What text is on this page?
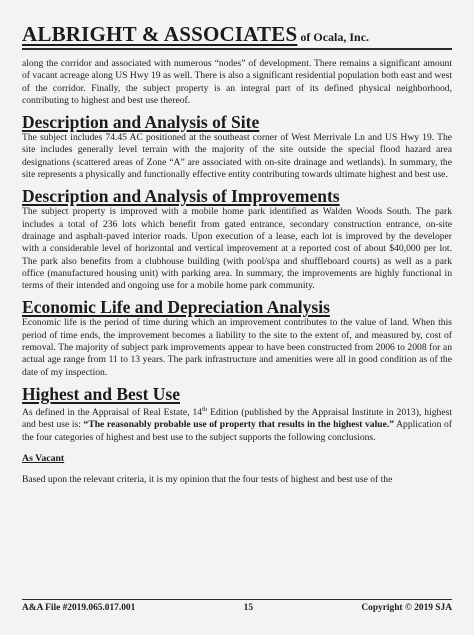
ALBRIGHT & ASSOCIATES of Ocala, Inc.

along the corridor and associated with numerous “nodes” of development. There remains a significant amount of vacant acreage along US Hwy 19 as well. There is also a significant residential population both east and west of the corridor. Finally, the subject property is an integral part of its defined physical neighborhood, contributing to highest and best use thereof.

Description and Analysis of Site

The subject includes 74.45 AC positioned at the southeast corner of West Merrivale Ln and US Hwy 19. The site includes generally level terrain with the majority of the site outside the special flood hazard area designations (scattered areas of Zone “A” are associated with on-site drainage and wetlands). In summary, the site represents a physically and functionally effective entity contributing towards ultimate highest and best use.

Description and Analysis of Improvements

The subject property is improved with a mobile home park identified as Walden Woods South. The park includes a total of 236 lots which benefit from gated entrance, secondary construction entrance, on-site drainage and asphalt-paved interior roads. Upon execution of a lease, each lot is improved by the developer with a considerable level of horizontal and vertical improvement at a reported cost of about $40,000 per lot. The park also benefits from a clubhouse building (with pool/spa and shuffleboard courts) as well as a park office (manufactured housing unit) with parking area. In summary, the improvements are highly functional in terms of their intended and ongoing use for a mobile home park community.

Economic Life and Depreciation Analysis

Economic life is the period of time during which an improvement contributes to the value of land. When this period of time ends, the improvement becomes a liability to the site to the extent of, and measured by, cost of removal. The majority of subject park improvements appear to have been constructed from 2006 to 2008 for an actual age range from 11 to 13 years. The park infrastructure and amenities were all in good condition as of the date of my inspection.

Highest and Best Use

As defined in the Appraisal of Real Estate, 14th Edition (published by the Appraisal Institute in 2013), highest and best use is: “The reasonably probable use of property that results in the highest value.” Application of the four categories of highest and best use to the subject supports the following conclusions.

As Vacant

Based upon the relevant criteria, it is my opinion that the four tests of highest and best use of the

A&A File #2019.065.017.001	15	Copyright © 2019 SJA
